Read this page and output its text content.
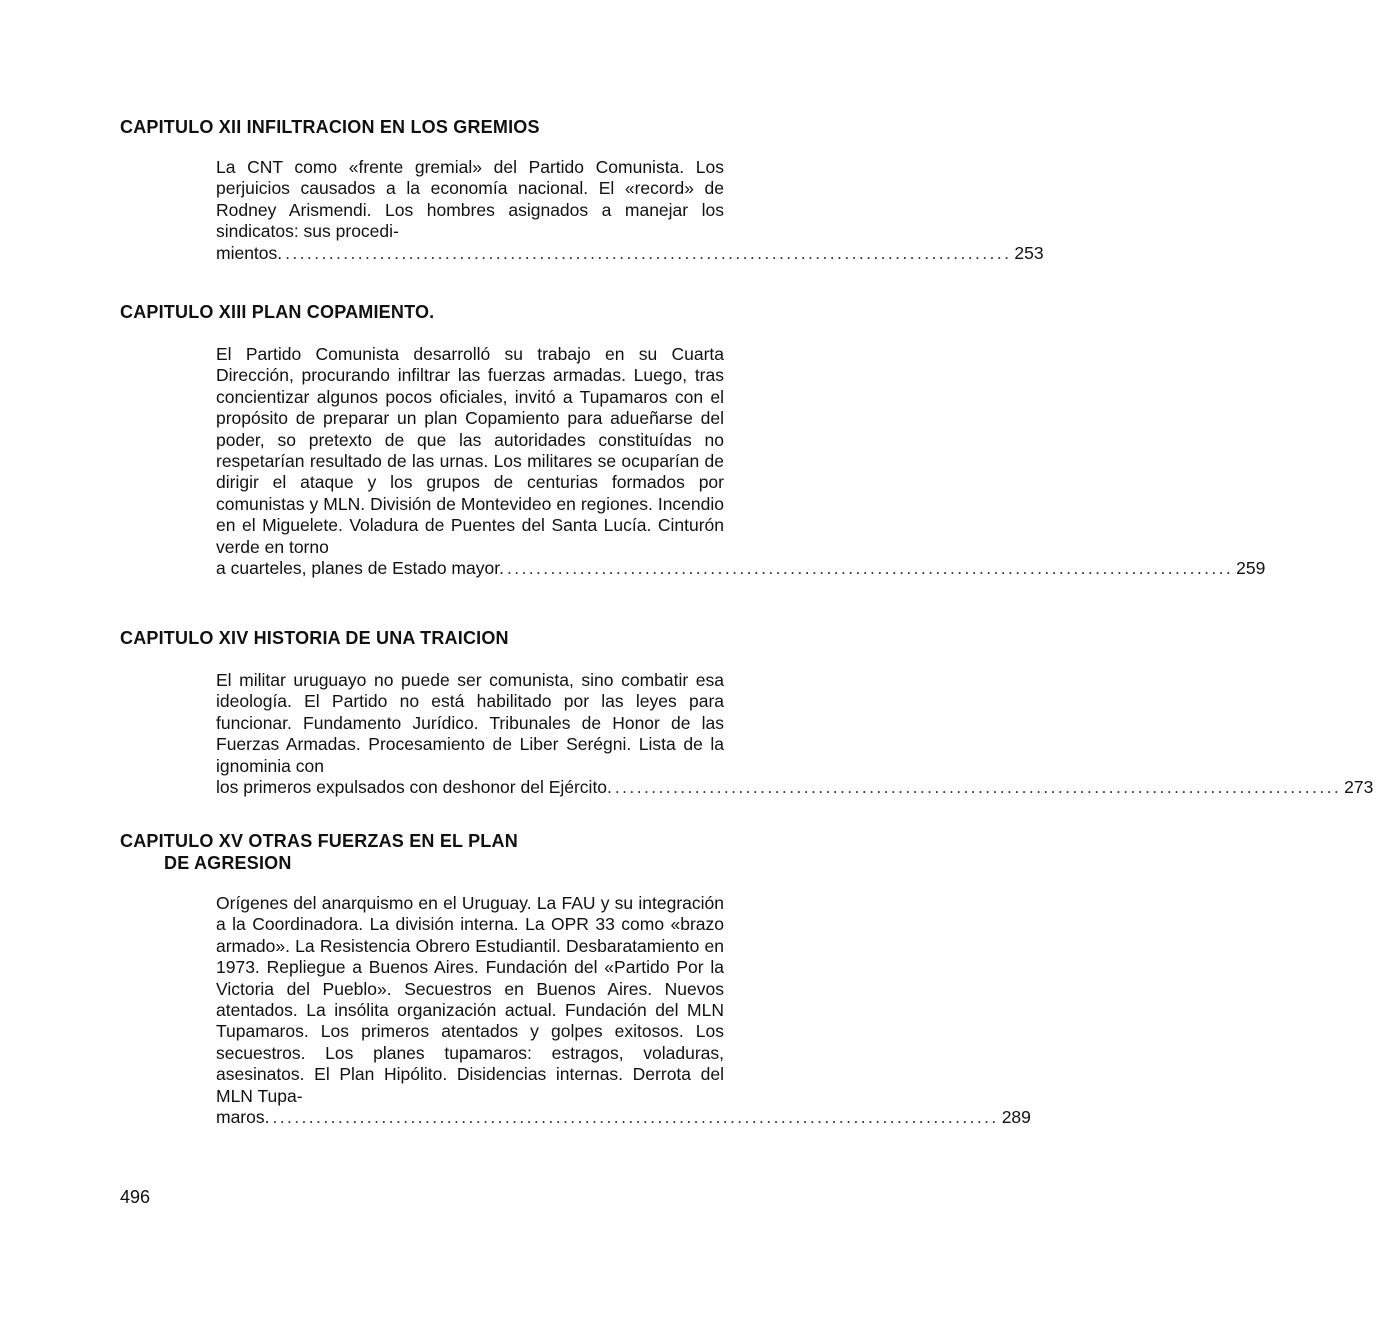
CAPITULO XII INFILTRACION EN LOS GREMIOS
La CNT como «frente gremial» del Partido Comunista. Los perjuicios causados a la economía nacional. El «record» de Rodney Arismendi. Los hombres asignados a manejar los sindicatos: sus procedi-
mientos. .................................................................................................... 253
CAPITULO XIII PLAN COPAMIENTO.
El Partido Comunista desarrolló su trabajo en su Cuarta Dirección, procurando infiltrar las fuerzas armadas. Luego, tras concientizar algunos pocos oficiales, invitó a Tupamaros con el propósito de preparar un plan Copamiento para adueñarse del poder, so pretexto de que las autoridades constituídas no respetarían resultado de las urnas. Los militares se ocuparían de dirigir el ataque y los grupos de centurias formados por comunistas y MLN. División de Montevideo en regiones. Incendio en el Miguelete. Voladura de Puentes del Santa Lucía. Cinturón verde en torno
a cuarteles, planes de Estado mayor. .................................................................................................... 259
CAPITULO XIV HISTORIA DE UNA TRAICION
El militar uruguayo no puede ser comunista, sino combatir esa ideología. El Partido no está habilitado por las leyes para funcionar. Fundamento Jurídico. Tribunales de Honor de las Fuerzas Armadas. Procesamiento de Liber Serégni. Lista de la ignominia con
los primeros expulsados con deshonor del Ejército. .................................................................................................... 273
CAPITULO XV OTRAS FUERZAS EN EL PLAN
DE AGRESION
Orígenes del anarquismo en el Uruguay. La FAU y su integración a la Coordinadora. La división interna. La OPR 33 como «brazo armado». La Resistencia Obrero Estudiantil. Desbaratamiento en 1973. Repliegue a Buenos Aires. Fundación del «Partido Por la Victoria del Pueblo». Secuestros en Buenos Aires. Nuevos atentados. La insólita organización actual. Fundación del MLN Tupamaros. Los primeros atentados y golpes exitosos. Los secuestros. Los planes tupamaros: estragos, voladuras, asesinatos. El Plan Hipólito. Disidencias internas. Derrota del MLN Tupa-
maros. .................................................................................................... 289
496
